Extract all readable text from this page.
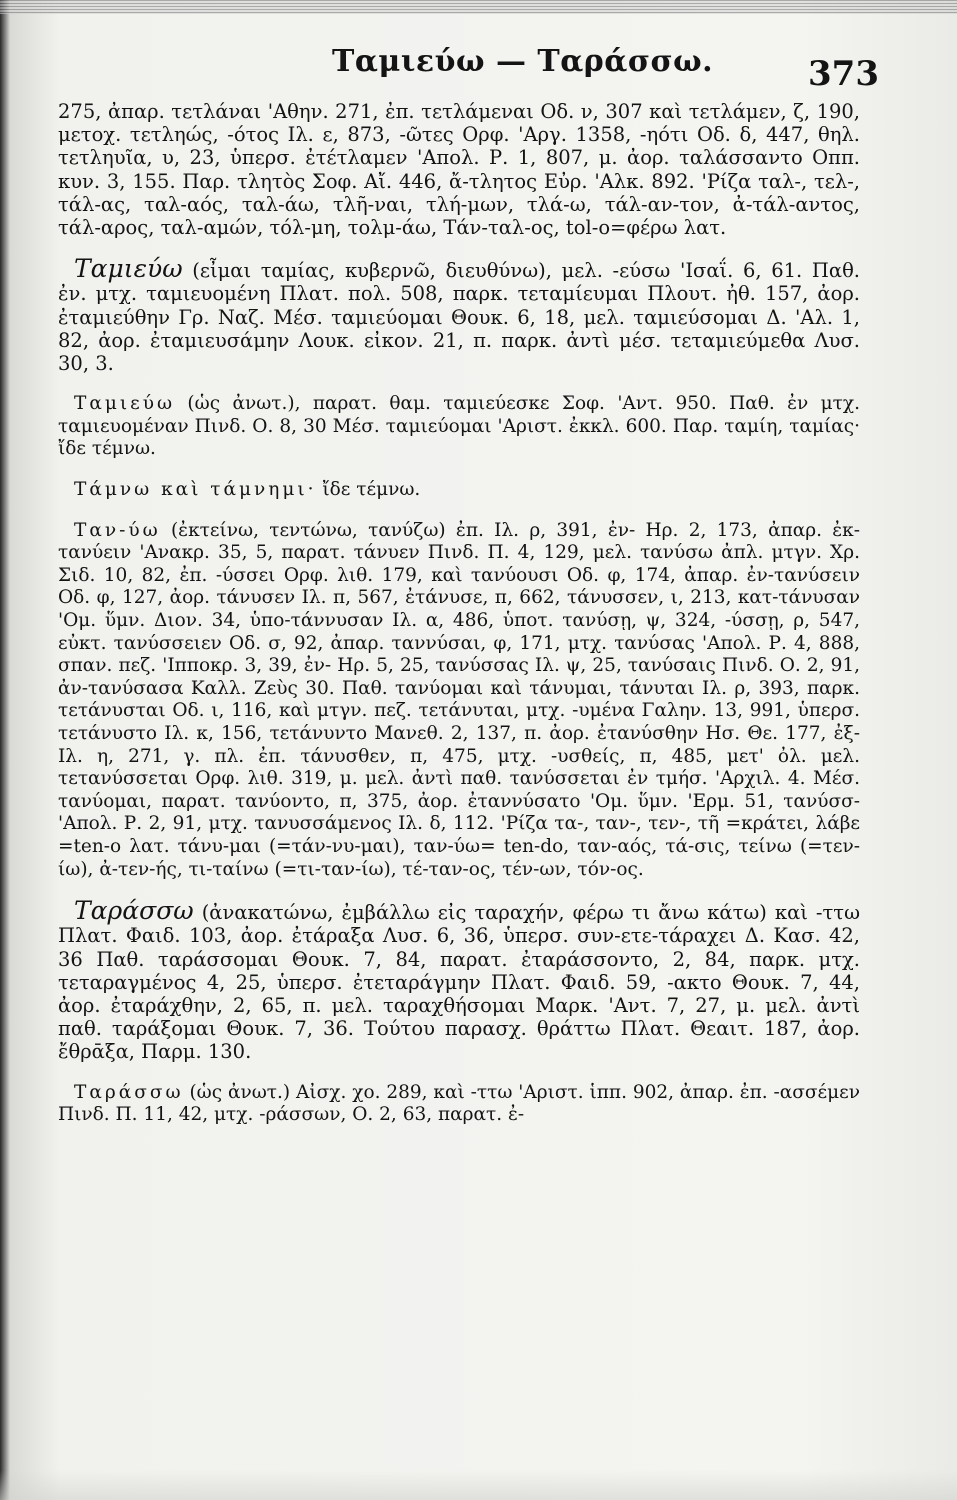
Ταμιεύω — Ταράσσω.	373

275, ἀπαρ. τετλάναι 'Αθην. 271, ἐπ. τετλάμεναι Οδ. ν, 307 καὶ τετλάμεν, ζ, 190, μετοχ. τετληώς, -ότος Ιλ. ε, 873, -ῶτες Ορφ. 'Αργ. 1358, -ηότι Οδ. δ, 447, θηλ. τετληυῖα, υ, 23, ὑπερσ. ἐτέτλαμεν 'Απολ. Ρ. 1, 807, μ. ἀορ. ταλάσσαντο Οππ. κυν. 3, 155. Παρ. τλητὸς Σοφ. Αἴ. 446, ἄ-τλητος Εὐρ. 'Αλκ. 892. 'Ρίζα ταλ-, τελ-, τάλ-ας, ταλ-αός, ταλ-άω, τλῆ-ναι, τλή-μων, τλά-ω, τάλ-αν-τον, ἀ-τάλ-αντος, τάλ-αρος, ταλ-αμών, τόλ-μη, τολμ-άω, Τάν-ταλ-ος, tol-o=φέρω λατ.

Ταμιεύω (εἶμαι ταμίας, κυβερνῶ, διευθύνω), μελ. -εύσω 'Ισαΐ. 6, 61. Παθ. ἐν. μτχ. ταμιευομένη Πλατ. πολ. 508, παρκ. τεταμίευμαι Πλουτ. ἠθ. 157, ἀορ. ἐταμιεύθην Γρ. Ναζ. Μέσ. ταμιεύομαι Θουκ. 6, 18, μελ. ταμιεύσομαι Δ. 'Αλ. 1, 82, ἀορ. ἐταμιευσάμην Λουκ. εἰκον. 21, π. παρκ. ἀντὶ μέσ. τεταμιεύμεθα Λυσ. 30, 3.

Ταμιεύω (ὡς ἀνωτ.), παρατ. θαμ. ταμιεύεσκε Σοφ. 'Αντ. 950. Παθ. ἐν μτχ. ταμιευομέναν Πινδ. Ο. 8, 30 Μέσ. ταμιεύομαι 'Αριστ. ἐκκλ. 600. Παρ. ταμίη, ταμίας· ἴδε τέμνω.

Τάμνω καὶ τάμνημι· ἴδε τέμνω.

Ταν-ύω (ἐκτείνω, τεντώνω, τανύζω) ἐπ. Ιλ. ρ, 391, ἐν- Ηρ. 2, 173, ἀπαρ. ἐκ-τανύειν 'Ανακρ. 35, 5, παρατ. τάνυεν Πινδ. Π. 4, 129, μελ. τανύσω ἀπλ. μτγν. Χρ. Σιδ. 10, 82, ἐπ. -ύσσει Ορφ. λιθ. 179, καὶ τανύουσι Οδ. φ, 174, ἀπαρ. ἐν-τανύσειν Οδ. φ, 127, ἀορ. τάνυσεν Ιλ. π, 567, ἐτάνυσε, π, 662, τάνυσσεν, ι, 213, κατ-τάνυσαν 'Ομ. ὕμν. Διον. 34, ὑπο-τάννυσαν Ιλ. α, 486, ὑποτ. τανύσῃ, ψ, 324, -ύσσῃ, ρ, 547, εὐκτ. τανύσσειεν Οδ. σ, 92, ἀπαρ. ταννύσαι, φ, 171, μτχ. τανύσας 'Απολ. Ρ. 4, 888, σπαν. πεζ. 'Ιπποκρ. 3, 39, ἐν- Ηρ. 5, 25, τανύσσας Ιλ. ψ, 25, τανύσαις Πινδ. Ο. 2, 91, ἀν-τανύσασα Καλλ. Ζεὺς 30. Παθ. τανύομαι καὶ τάνυμαι, τάνυται Ιλ. ρ, 393, παρκ. τετάνυσται Οδ. ι, 116, καὶ μτγν. πεζ. τετάνυται, μτχ. -υμένα Γαλην. 13, 991, ὑπερσ. τετάνυστο Ιλ. κ, 156, τετάνυντο Μανεθ. 2, 137, π. ἀορ. ἐτανύσθην Ησ. Θε. 177, ἐξ- Ιλ. η, 271, γ. πλ. ἐπ. τάνυσθεν, π, 475, μτχ. -υσθείς, π, 485, μετ' ὀλ. μελ. τετανύσσεται Ορφ. λιθ. 319, μ. μελ. ἀντὶ παθ. τανύσσεται ἐν τμήσ. 'Αρχιλ. 4. Μέσ. τανύομαι, παρατ. τανύοντο, π, 375, ἀορ. ἐταννύσατο 'Ομ. ὕμν. 'Ερμ. 51, τανύσσ- 'Απολ. Ρ. 2, 91, μτχ. τανυσσάμενος Ιλ. δ, 112. 'Ρίζα τα-, ταν-, τεν-, τῆ =κράτει, λάβε =ten-o λατ. τάνυ-μαι (=τάν-νυ-μαι), ταν-ύω= ten-do, ταν-αός, τά-σις, τείνω (=τεν-ίω), ἀ-τεν-ής, τι-ταίνω (=τι-ταν-ίω), τέ-ταν-ος, τέν-ων, τόν-ος.

Ταράσσω (ἀνακατώνω, ἐμβάλλω εἰς ταραχήν, φέρω τι ἄνω κάτω) καὶ -ττω Πλατ. Φαιδ. 103, ἀορ. ἐτάραξα Λυσ. 6, 36, ὑπερσ. συν-ετε-τάραχει Δ. Κασ. 42, 36 Παθ. ταράσσομαι Θουκ. 7, 84, παρατ. ἐταράσσοντο, 2, 84, παρκ. μτχ. τεταραγμένος 4, 25, ὑπερσ. ἐτεταράγμην Πλατ. Φαιδ. 59, -ακτο Θουκ. 7, 44, ἀορ. ἐταράχθην, 2, 65, π. μελ. ταραχθήσομαι Μαρκ. 'Αντ. 7, 27, μ. μελ. ἀντὶ παθ. ταράξομαι Θουκ. 7, 36. Τούτου παρασχ. θράττω Πλατ. Θεαιτ. 187, ἀορ. ἔθρᾱξα, Παρμ. 130.

Ταράσσω (ὡς ἀνωτ.) Αἰσχ. χο. 289, καὶ -ττω 'Αριστ. ἱππ. 902, ἀπαρ. ἐπ. -ασσέμεν Πινδ. Π. 11, 42, μτχ. -ράσσων, Ο. 2, 63, παρατ. ἐ-
